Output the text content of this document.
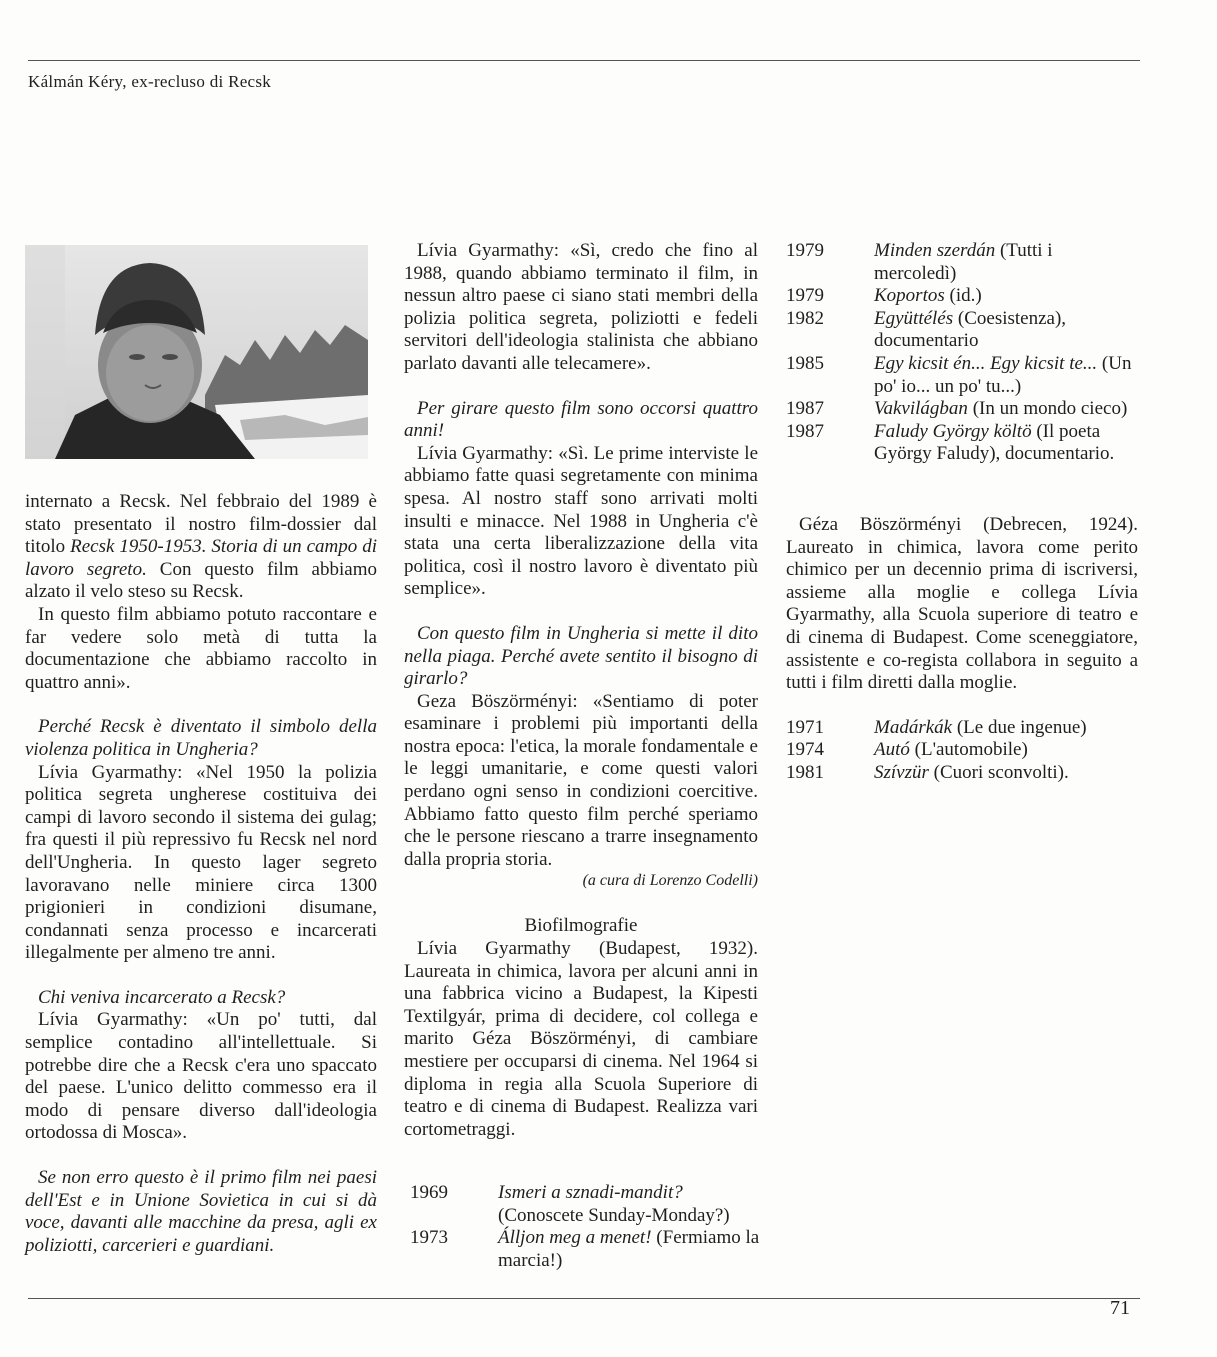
Kálmán Kéry, ex-recluso di Recsk

internato a Recsk. Nel febbraio del 1989 è stato presentato il nostro film-dossier dal titolo Recsk 1950-1953. Storia di un campo di lavoro segreto. Con questo film abbiamo alzato il velo steso su Recsk.

In questo film abbiamo potuto raccontare e far vedere solo metà di tutta la documentazione che abbiamo raccolto in quattro anni».

Perché Recsk è diventato il simbolo della violenza politica in Ungheria?

Lívia Gyarmathy: «Nel 1950 la polizia politica segreta ungherese costituiva dei campi di lavoro secondo il sistema dei gulag; fra questi il più repressivo fu Recsk nel nord dell'Ungheria. In questo lager segreto lavoravano nelle miniere circa 1300 prigionieri in condizioni disumane, condannati senza processo e incarcerati illegalmente per almeno tre anni.

Chi veniva incarcerato a Recsk?

Lívia Gyarmathy: «Un po' tutti, dal semplice contadino all'intellettuale. Si potrebbe dire che a Recsk c'era uno spaccato del paese. L'unico delitto commesso era il modo di pensare diverso dall'ideologia ortodossa di Mosca».

Se non erro questo è il primo film nei paesi dell'Est e in Unione Sovietica in cui si dà voce, davanti alle macchine da presa, agli ex poliziotti, carcerieri e guardiani.

Lívia Gyarmathy: «Sì, credo che fino al 1988, quando abbiamo terminato il film, in nessun altro paese ci siano stati membri della polizia politica segreta, poliziotti e fedeli servitori dell'ideologia stalinista che abbiano parlato davanti alle telecamere».

Per girare questo film sono occorsi quattro anni!

Lívia Gyarmathy: «Sì. Le prime interviste le abbiamo fatte quasi segretamente con minima spesa. Al nostro staff sono arrivati molti insulti e minacce. Nel 1988 in Ungheria c'è stata una certa liberalizzazione della vita politica, così il nostro lavoro è diventato più semplice».

Con questo film in Ungheria si mette il dito nella piaga. Perché avete sentito il bisogno di girarlo?

Geza Böszörményi: «Sentiamo di poter esaminare i problemi più importanti della nostra epoca: l'etica, la morale fondamentale e le leggi umanitarie, e come questi valori perdano ogni senso in condizioni coercitive. Abbiamo fatto questo film perché speriamo che le persone riescano a trarre insegnamento dalla propria storia.

(a cura di Lorenzo Codelli)

Biofilmografie

Lívia Gyarmathy (Budapest, 1932). Laureata in chimica, lavora per alcuni anni in una fabbrica vicino a Budapest, la Kipesti Textilgyár, prima di decidere, col collega e marito Géza Böszörményi, di cambiare mestiere per occuparsi di cinema. Nel 1964 si diploma in regia alla Scuola Superiore di teatro e di cinema di Budapest. Realizza vari cortometraggi.

1969	Ismeri a sznadi-mandit? (Conoscete Sunday-Monday?)
1973	Álljon meg a menet! (Fermiamo la marcia!)
1979	Minden szerdán (Tutti i mercoledì)
1979	Koportos (id.)
1982	Együttélés (Coesistenza), documentario
1985	Egy kicsit én... Egy kicsit te... (Un po' io... un po' tu...)
1987	Vakvilágban (In un mondo cieco)
1987	Faludy György költö (Il poeta György Faludy), documentario.

Géza Böszörményi (Debrecen, 1924). Laureato in chimica, lavora come perito chimico per un decennio prima di iscriversi, assieme alla moglie e collega Lívia Gyarmathy, alla Scuola superiore di teatro e di cinema di Budapest. Come sceneggiatore, assistente e co-regista collabora in seguito a tutti i film diretti dalla moglie.

1971	Madárkák (Le due ingenue)
1974	Autó (L'automobile)
1981	Szívzür (Cuori sconvolti).
71
